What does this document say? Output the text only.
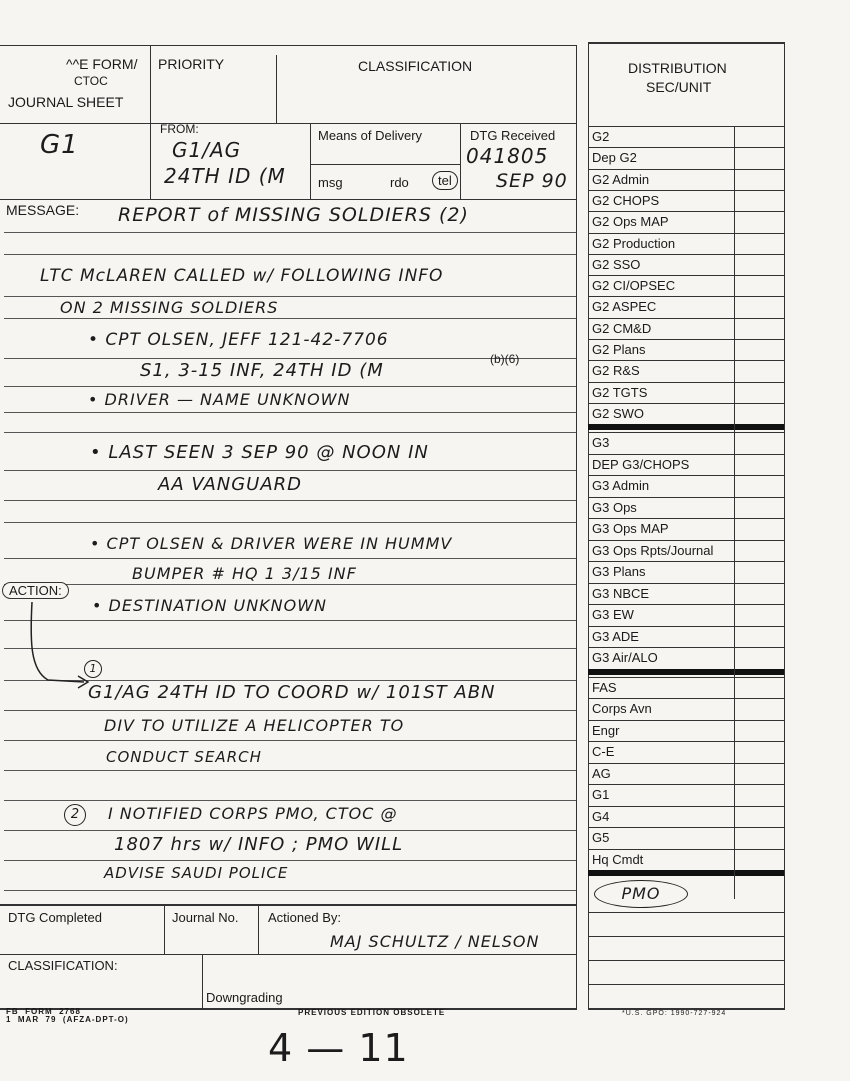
^^E FORM/
CTOC
JOURNAL SHEET
PRIORITY	CLASSIFICATION	DISTRIBUTION
SEC/UNIT
G1
FROM:
G1/AG
24TH ID (M
Means of Delivery
msg	rdo	tel
DTG Received
041805
SEP 90
MESSAGE: REPORT of MISSING SOLDIERS (2)
LTC McLAREN CALLED w/ FOLLOWING INFO
ON 2 MISSING SOLDIERS
• CPT OLSEN, JEFF 121-42-7706
S1, 3-15 INF, 24TH ID (M
(b)(6)
• DRIVER — NAME UNKNOWN
• LAST SEEN 3 SEP 90 @ NOON IN
AA VANGUARD
• CPT OLSEN & DRIVER WERE IN HUMMV
BUMPER # HQ 1 3/15 INF
• DESTINATION UNKNOWN
G1/AG 24TH ID TO COORD w/ 101ST ABN
DIV TO UTILIZE A HELICOPTER TO
CONDUCT SEARCH
I NOTIFIED CORPS PMO, CTOC @
1807 hrs w/ INFO ; PMO WILL
ADVISE SAUDI POLICE
ACTION:
1
2
G2
Dep G2
G2 Admin
G2 CHOPS
G2 Ops MAP
G2 Production
G2 SSO
G2 CI/OPSEC
G2 ASPEC
G2 CM&D
G2 Plans
G2 R&S
G2 TGTS
G2 SWO
G3
DEP G3/CHOPS
G3 Admin
G3 Ops
G3 Ops MAP
G3 Ops Rpts/Journal
G3 Plans
G3 NBCE
G3 EW
G3 ADE
G3 Air/ALO
FAS
Corps Avn
Engr
C-E
AG
G1
G4
G5
Hq Cmdt
PMO
DTG Completed	Journal No. Actioned By:
MAJ SCHULTZ / NELSON
CLASSIFICATION:
Downgrading
FB  FORM  2768
1  MAR  79  (AFZA-DPT-O)
PREVIOUS EDITION OBSOLETE	*U.S. GPO: 1990-727-924
4 — 11
